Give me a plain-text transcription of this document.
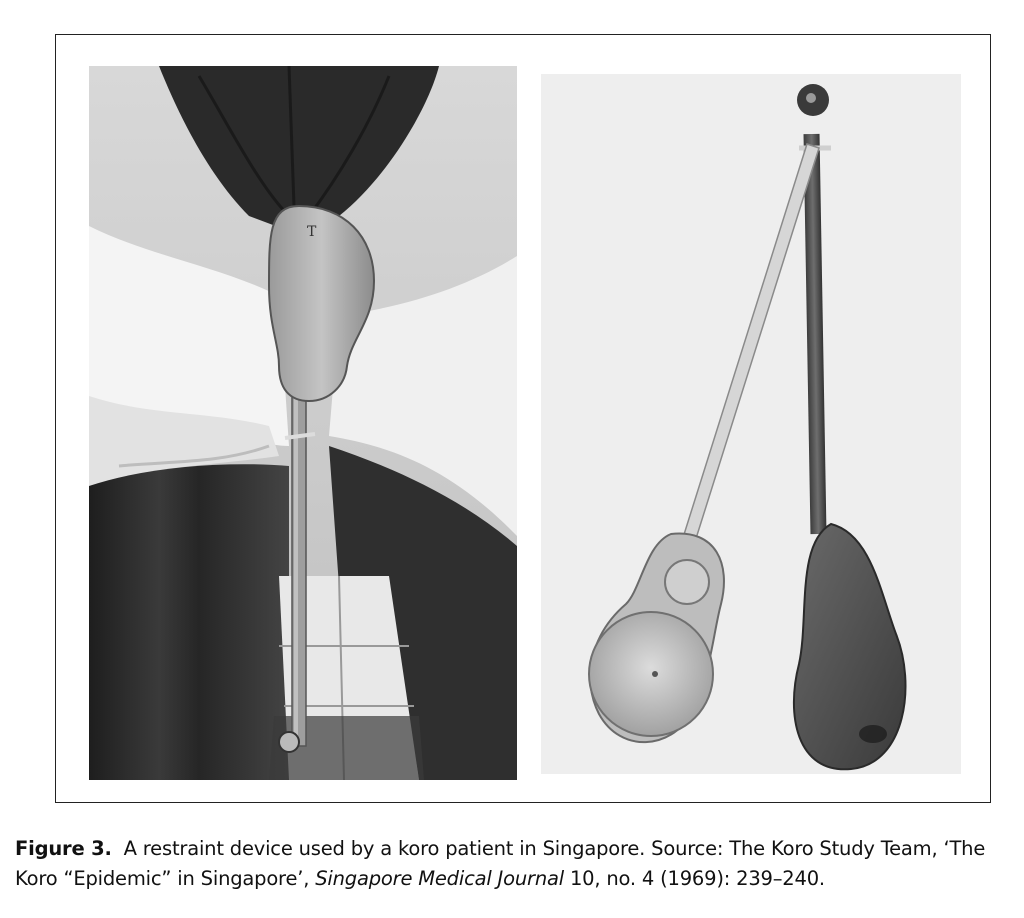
T
Figure 3. A restraint device used by a koro patient in Singapore. Source: The Koro Study Team, ‘The Koro “Epidemic” in Singapore’, Singapore Medical Journal 10, no. 4 (1969): 239–240.
